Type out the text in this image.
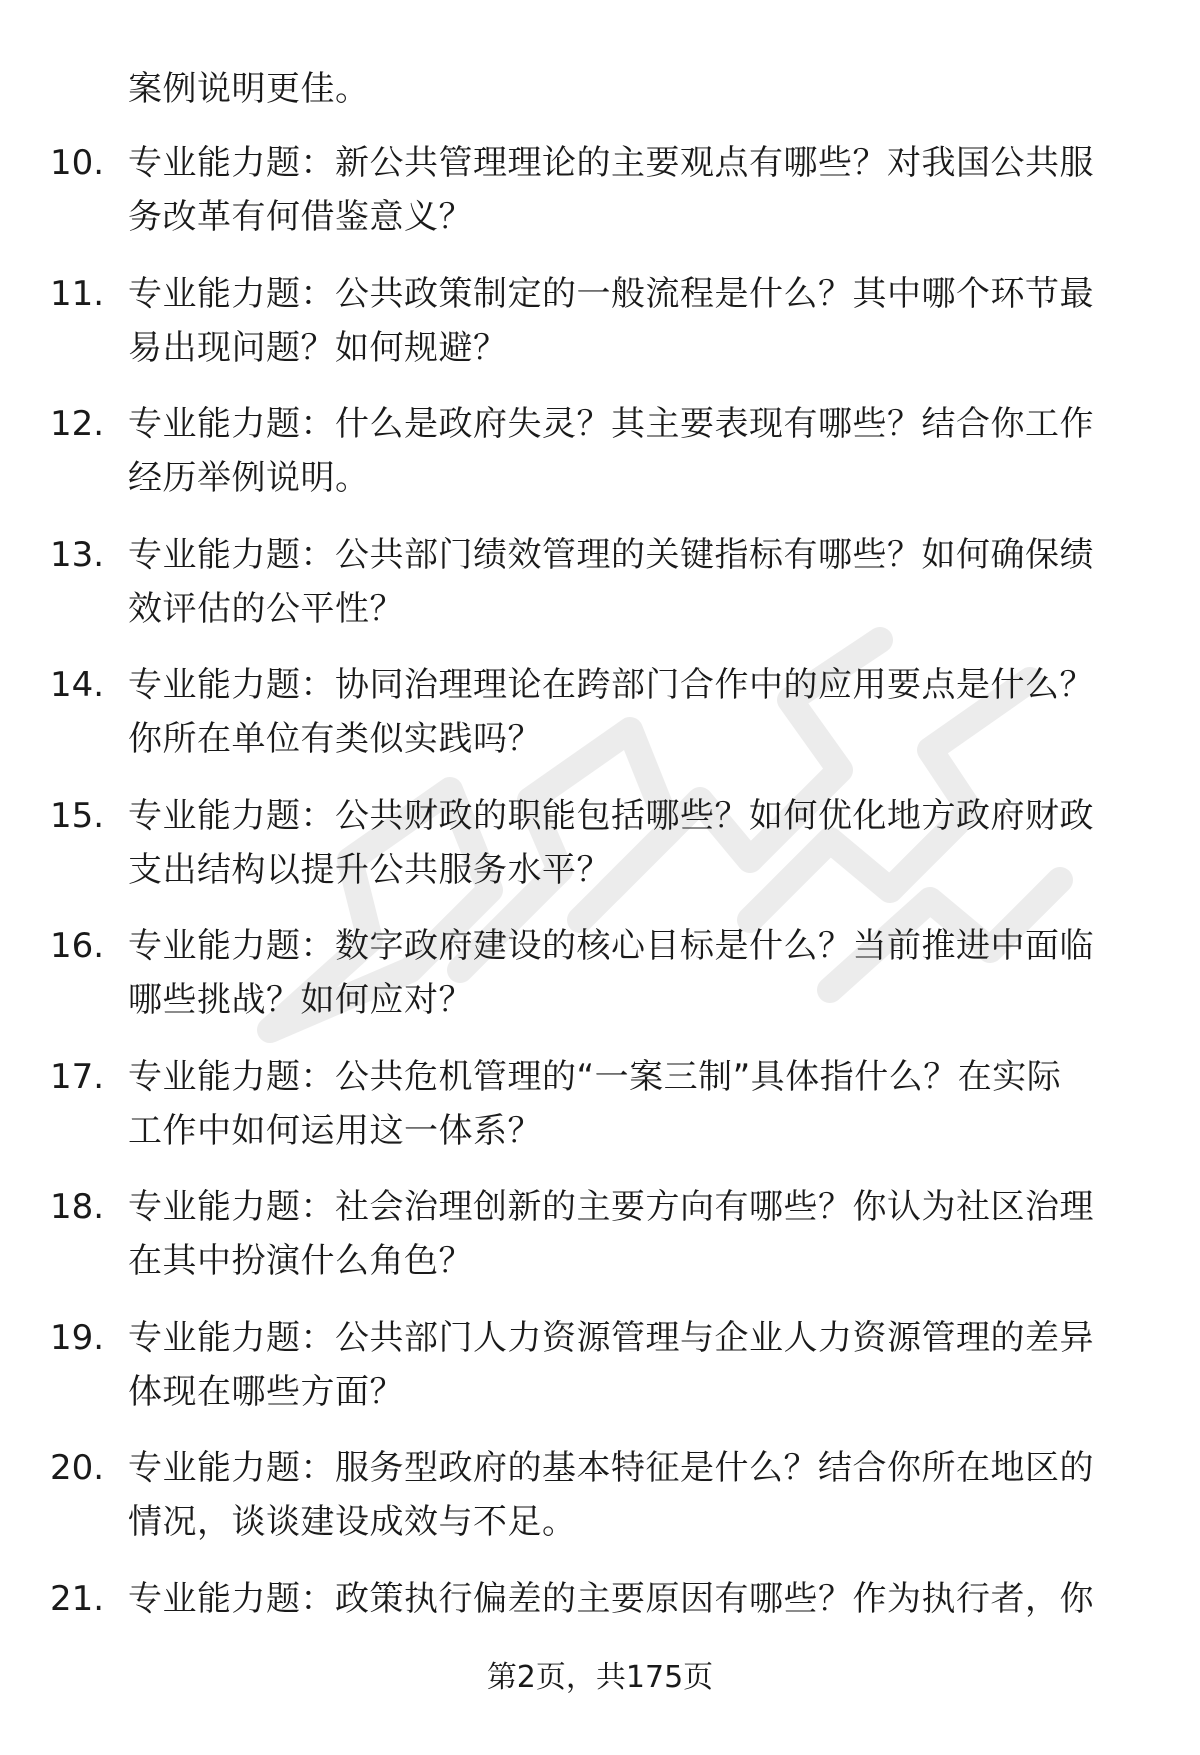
案例说明更佳。
10. 专业能力题：新公共管理理论的主要观点有哪些？对我国公共服
务改革有何借鉴意义？
11. 专业能力题：公共政策制定的一般流程是什么？其中哪个环节最
易出现问题？如何规避？
12. 专业能力题：什么是政府失灵？其主要表现有哪些？结合你工作
经历举例说明。
13. 专业能力题：公共部门绩效管理的关键指标有哪些？如何确保绩
效评估的公平性？
14. 专业能力题：协同治理理论在跨部门合作中的应用要点是什么？
你所在单位有类似实践吗？
15. 专业能力题：公共财政的职能包括哪些？如何优化地方政府财政
支出结构以提升公共服务水平？
16. 专业能力题：数字政府建设的核心目标是什么？当前推进中面临
哪些挑战？如何应对？
17. 专业能力题：公共危机管理的“一案三制”具体指什么？在实际
工作中如何运用这一体系？
18. 专业能力题：社会治理创新的主要方向有哪些？你认为社区治理
在其中扮演什么角色？
19. 专业能力题：公共部门人力资源管理与企业人力资源管理的差异
体现在哪些方面？
20. 专业能力题：服务型政府的基本特征是什么？结合你所在地区的
情况，谈谈建设成效与不足。
21. 专业能力题：政策执行偏差的主要原因有哪些？作为执行者，你
第2页，共175页
